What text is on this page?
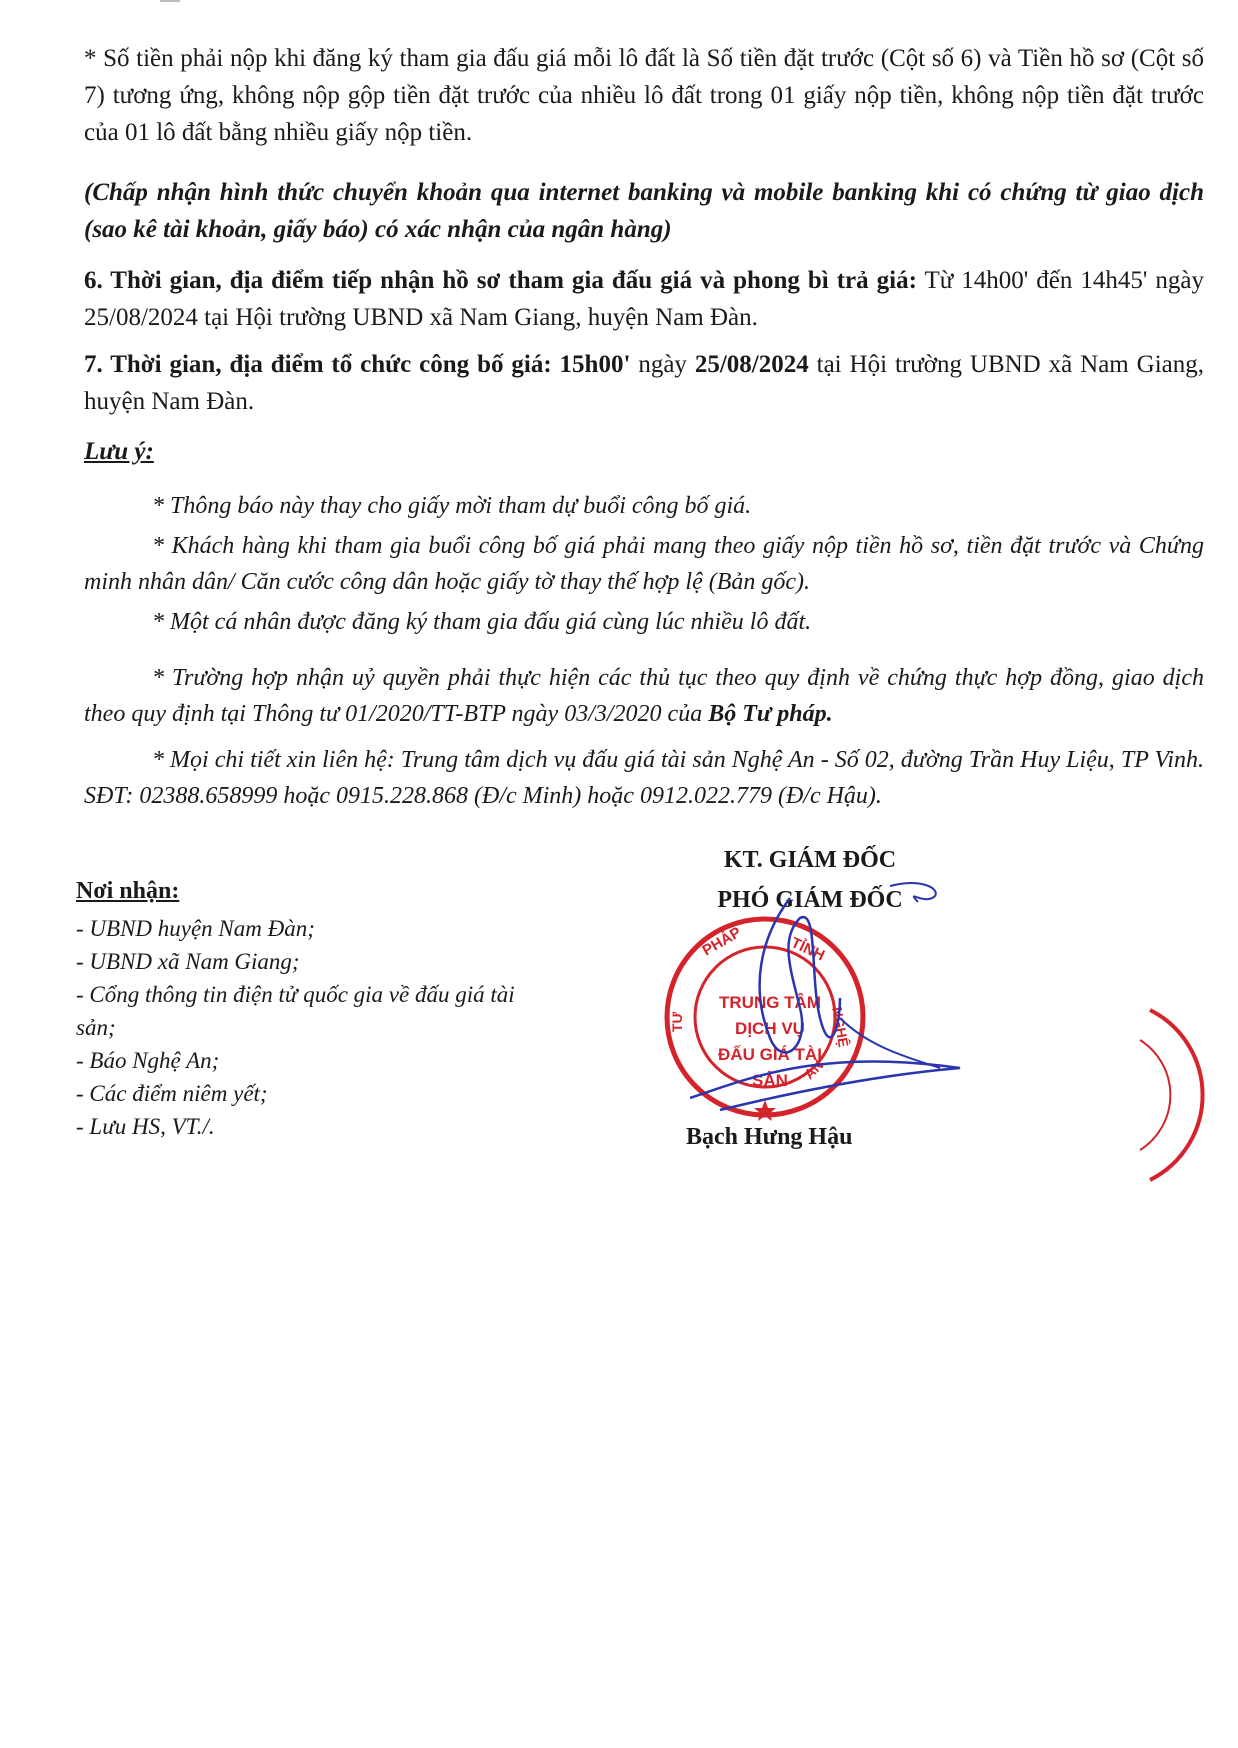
* Số tiền phải nộp khi đăng ký tham gia đấu giá mỗi lô đất là Số tiền đặt trước (Cột số 6) và Tiền hồ sơ (Cột số 7) tương ứng, không nộp gộp tiền đặt trước của nhiều lô đất trong 01 giấy nộp tiền, không nộp tiền đặt trước của 01 lô đất bằng nhiều giấy nộp tiền.

(Chấp nhận hình thức chuyển khoản qua internet banking và mobile banking khi có chứng từ giao dịch (sao kê tài khoản, giấy báo) có xác nhận của ngân hàng)

6. Thời gian, địa điểm tiếp nhận hồ sơ tham gia đấu giá và phong bì trả giá: Từ 14h00' đến 14h45' ngày 25/08/2024 tại Hội trường UBND xã Nam Giang, huyện Nam Đàn.

7. Thời gian, địa điểm tổ chức công bố giá: 15h00' ngày 25/08/2024 tại Hội trường UBND xã Nam Giang, huyện Nam Đàn.

Lưu ý:

* Thông báo này thay cho giấy mời tham dự buổi công bố giá.

* Khách hàng khi tham gia buổi công bố giá phải mang theo giấy nộp tiền hồ sơ, tiền đặt trước và Chứng minh nhân dân/ Căn cước công dân hoặc giấy tờ thay thế hợp lệ (Bản gốc).

* Một cá nhân được đăng ký tham gia đấu giá cùng lúc nhiều lô đất.

* Trường hợp nhận uỷ quyền phải thực hiện các thủ tục theo quy định về chứng thực hợp đồng, giao dịch theo quy định tại Thông tư 01/2020/TT-BTP ngày 03/3/2020 của Bộ Tư pháp.

* Mọi chi tiết xin liên hệ: Trung tâm dịch vụ đấu giá tài sản Nghệ An - Số 02, đường Trần Huy Liệu, TP Vinh. SĐT: 02388.658999 hoặc 0915.228.868 (Đ/c Minh) hoặc 0912.022.779 (Đ/c Hậu).

Nơi nhận:

- UBND huyện Nam Đàn;

- UBND xã Nam Giang;

- Cổng thông tin điện tử quốc gia về đấu giá tài sản;

- Báo Nghệ An;

- Các điểm niêm yết;

- Lưu HS, VT./.

KT. GIÁM ĐỐC
PHÓ GIÁM ĐỐC
PHÁP	TỈNH
NGHỆ
AN
TƯ
TRUNG TÂM
DỊCH VỤ
ĐẤU GIÁ TÀI SẢN
Bạch Hưng Hậu
